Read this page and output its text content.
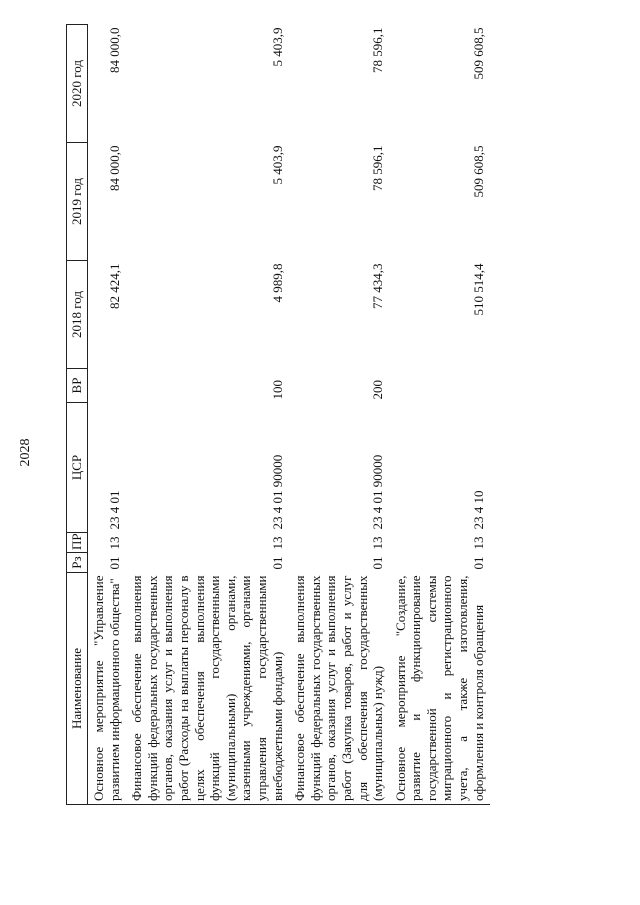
2028
Наименование	Рз	ПР	ЦСР	ВР	2018 год	2019 год	2020 год
Основное мероприятие "Управление развитием информационного общества"	01	13	23 4 01		82 424,1	84 000,0	84 000,0
Финансовое обеспечение выполнения функций федеральных государственных органов, оказания услуг и выполнения работ (Расходы на выплаты персоналу в целях обеспечения выполнения функций государственными (муниципальными) органами, казенными учреждениями, органами управления государственными внебюджетными фондами)	01	13	23 4 01 90000	100	4 989,8	5 403,9	5 403,9
Финансовое обеспечение выполнения функций федеральных государственных органов, оказания услуг и выполнения работ (Закупка товаров, работ и услуг для обеспечения государственных (муниципальных) нужд)	01	13	23 4 01 90000	200	77 434,3	78 596,1	78 596,1
Основное мероприятие "Создание, развитие и функционирование государственной системы миграционного и регистрационного учета, а также изготовления, оформления и контроля обращения	01	13	23 4 10		510 514,4	509 608,5	509 608,5
